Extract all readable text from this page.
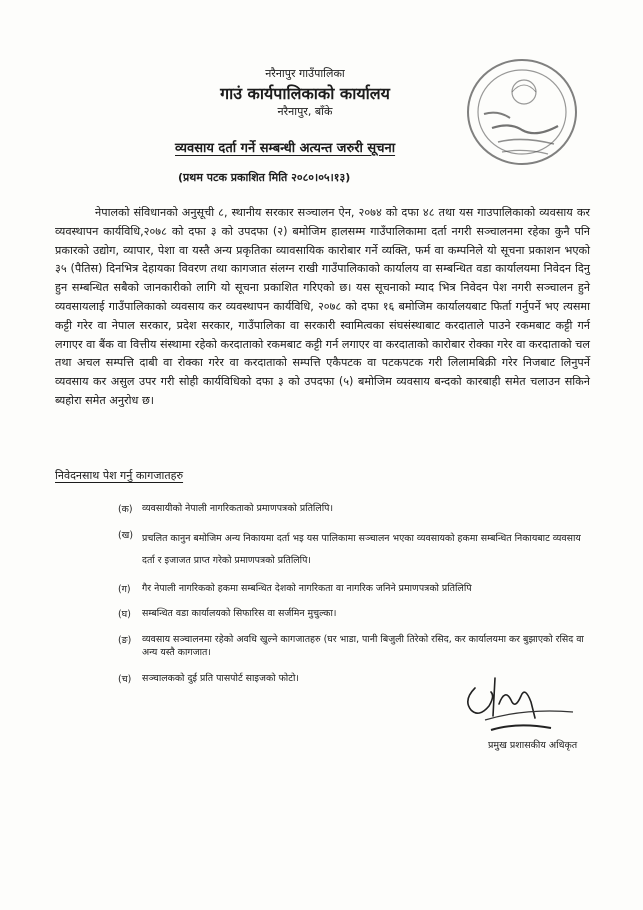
नरैनापुर गाउँपालिका
गाउं कार्यपालिकाको कार्यालय
नरैनापुर, बाँके
व्यवसाय दर्ता गर्ने सम्बन्धी अत्यन्त जरुरी सूचना
(प्रथम पटक प्रकाशित मिति २०८०।०५।१३)

नेपालको संविधानको अनुसूची ८, स्थानीय सरकार सञ्चालन ऐन, २०७४ को दफा ४८ तथा यस गाउपालिकाको व्यवसाय कर व्यवस्थापन कार्यविधि,२०७८ को दफा ३ को उपदफा (२) बमोजिम हालसम्म गाउँपालिकामा दर्ता नगरी सञ्चालनमा रहेका कुनै पनि प्रकारको उद्योग, व्यापार, पेशा वा यस्तै अन्य प्रकृतिका व्यावसायिक कारोबार गर्ने व्यक्ति, फर्म वा कम्पनिले यो सूचना प्रकाशन भएको ३५ (पैतिस) दिनभित्र देहायका विवरण तथा कागजात संलग्न राखी गाउँपालिकाको कार्यालय वा सम्बन्धित वडा कार्यालयमा निवेदन दिनु हुन सम्बन्धित सबैको जानकारीको लागि यो सूचना प्रकाशित गरिएको छ। यस सूचनाको म्याद भित्र निवेदन पेश नगरी सञ्चालन हुने व्यवसायलाई गाउँपालिकाको व्यवसाय कर व्यवस्थापन कार्यविधि, २०७८ को दफा १६ बमोजिम कार्यालयबाट फिर्ता गर्नुपर्ने भए त्यसमा कट्टी गरेर वा नेपाल सरकार, प्रदेश सरकार, गाउँपालिका वा सरकारी स्वामित्वका संघसंस्थाबाट करदाताले पाउने रकमबाट कट्टी गर्न लगाएर वा बैंक वा वित्तीय संस्थामा रहेको करदाताको रकमबाट कट्टी गर्न लगाएर वा करदाताको कारोबार रोक्का गरेर वा करदाताको चल तथा अचल सम्पत्ति दाबी वा रोक्का गरेर वा करदाताको सम्पत्ति एकैपटक वा पटकपटक गरी लिलामबिक्री गरेर निजबाट लिनुपर्ने व्यवसाय कर असुल उपर गरी सोही कार्यविधिको दफा ३ को उपदफा (५) बमोजिम व्यवसाय बन्दको कारबाही समेत चलाउन सकिने ब्यहोरा समेत अनुरोध छ।

निवेदनसाथ पेश गर्नु कागजातहरु
(क)	व्यवसायीको नेपाली नागरिकताको प्रमाणपत्रको प्रतिलिपि।
(ख) प्रचलित कानुन बमोजिम अन्य निकायमा दर्ता भइ यस पालिकामा सञ्चालन भएका व्यवसायको हकमा सम्बन्धित निकायबाट व्यवसाय दर्ता र इजाजत प्राप्त गरेको प्रमाणपत्रको प्रतिलिपि।
(ग)	गैर नेपाली नागरिकको हकमा सम्बन्धित देशको नागरिकता वा नागरिक जनिने प्रमाणपत्रको प्रतिलिपि
(घ)	सम्बन्धित वडा कार्यालयको सिफारिस वा सर्जमिन मुचुल्का।
(ङ)	व्यवसाय सञ्चालनमा रहेको अवधि खुल्ने कागजातहरु (घर भाडा, पानी बिजुली तिरेको रसिद, कर कार्यालयमा कर बुझाएको रसिद वा अन्य यस्तै कागजात।
(च)	सञ्चालकको दुई प्रति पासपोर्ट साइजको फोटो।
प्रमुख प्रशासकीय अधिकृत
